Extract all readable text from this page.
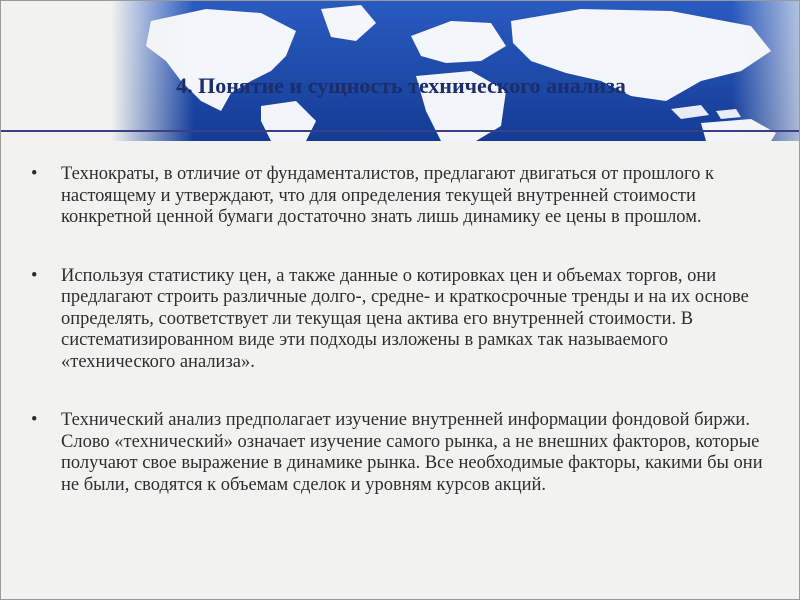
4. Понятие и сущность технического анализа
•	Технократы, в отличие от фундаменталистов, предлагают двигаться от прошлого к настоящему и утверждают, что для определения текущей внутренней стоимости конкретной ценной бумаги достаточно знать лишь динамику ее цены в прошлом.
•	Используя статистику цен, а также данные о котировках цен и объемах торгов, они предлагают строить различные долго-, средне- и краткосрочные тренды и на их основе определять, соответствует ли текущая цена актива его внутренней стоимости. В систематизированном виде эти подходы изложены в рамках так называемого «технического анализа».
•	Технический анализ предполагает изучение внутренней информации фондовой биржи. Слово «технический» означает изучение самого рынка, а не внешних факторов, которые получают свое выражение в динамике рынка. Все необходимые факторы, какими бы они не были, сводятся к объемам сделок и уровням курсов акций.
